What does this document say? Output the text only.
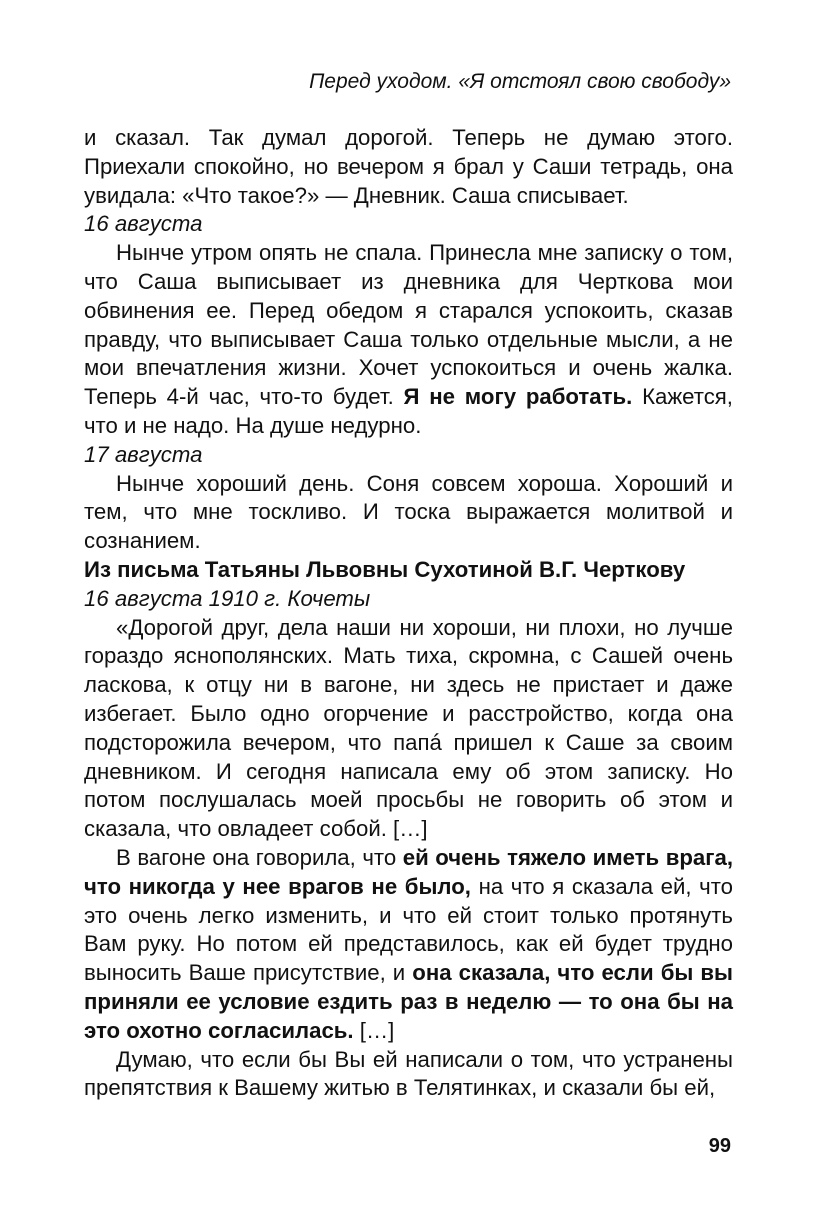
Перед уходом. «Я отстоял свою свободу»

и сказал. Так думал дорогой. Теперь не думаю этого. Приехали спокойно, но вечером я брал у Саши тетрадь, она увидала: «Что такое?» — Дневник. Саша списывает.

16 августа

Нынче утром опять не спала. Принесла мне записку о том, что Саша выписывает из дневника для Черткова мои обвинения ее. Перед обедом я старался успокоить, сказав правду, что выписывает Саша только отдельные мысли, а не мои впечатления жизни. Хочет успокоиться и очень жалка. Теперь 4-й час, что-то будет. Я не могу работать. Кажется, что и не надо. На душе недурно.

17 августа

Нынче хороший день. Соня совсем хороша. Хороший и тем, что мне тоскливо. И тоска выражается молитвой и сознанием.

Из письма Татьяны Львовны Сухотиной В.Г. Черткову

16 августа 1910 г. Кочеты

«Дорогой друг, дела наши ни хороши, ни плохи, но лучше гораздо яснополянских. Мать тиха, скромна, с Сашей очень ласкова, к отцу ни в вагоне, ни здесь не пристает и даже избегает. Было одно огорчение и расстройство, когда она подсторожила вечером, что папá пришел к Саше за своим дневником. И сегодня написала ему об этом записку. Но потом послушалась моей просьбы не говорить об этом и сказала, что овладеет собой. […]

В вагоне она говорила, что ей очень тяжело иметь врага, что никогда у нее врагов не было, на что я сказала ей, что это очень легко изменить, и что ей стоит только протянуть Вам руку. Но потом ей представилось, как ей будет трудно выносить Ваше присутствие, и она сказала, что если бы вы приняли ее условие ездить раз в неделю — то она бы на это охотно согласилась. […]

Думаю, что если бы Вы ей написали о том, что устранены препятствия к Вашему житью в Телятинках, и сказали бы ей,

99
